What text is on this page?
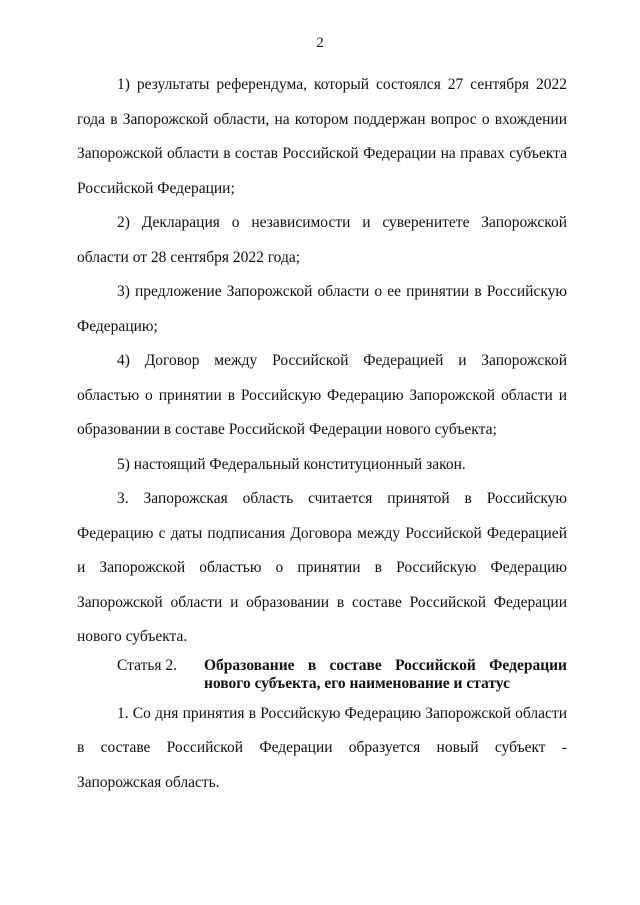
2

1) результаты референдума, который состоялся 27 сентября 2022 года в Запорожской области, на котором поддержан вопрос о вхождении Запорожской области в состав Российской Федерации на правах субъекта Российской Федерации;

2) Декларация о независимости и суверенитете Запорожской области от 28 сентября 2022 года;

3) предложение Запорожской области о ее принятии в Российскую Федерацию;

4) Договор между Российской Федерацией и Запорожской областью о принятии в Российскую Федерацию Запорожской области и образовании в составе Российской Федерации нового субъекта;

5) настоящий Федеральный конституционный закон.

3. Запорожская область считается принятой в Российскую Федерацию с даты подписания Договора между Российской Федерацией и Запорожской областью о принятии в Российскую Федерацию Запорожской области и образовании в составе Российской Федерации нового субъекта.

Статья 2.	Образование в составе Российской Федерации нового субъекта, его наименование и статус

1. Со дня принятия в Российскую Федерацию Запорожской области в составе Российской Федерации образуется новый субъект - Запорожская область.
